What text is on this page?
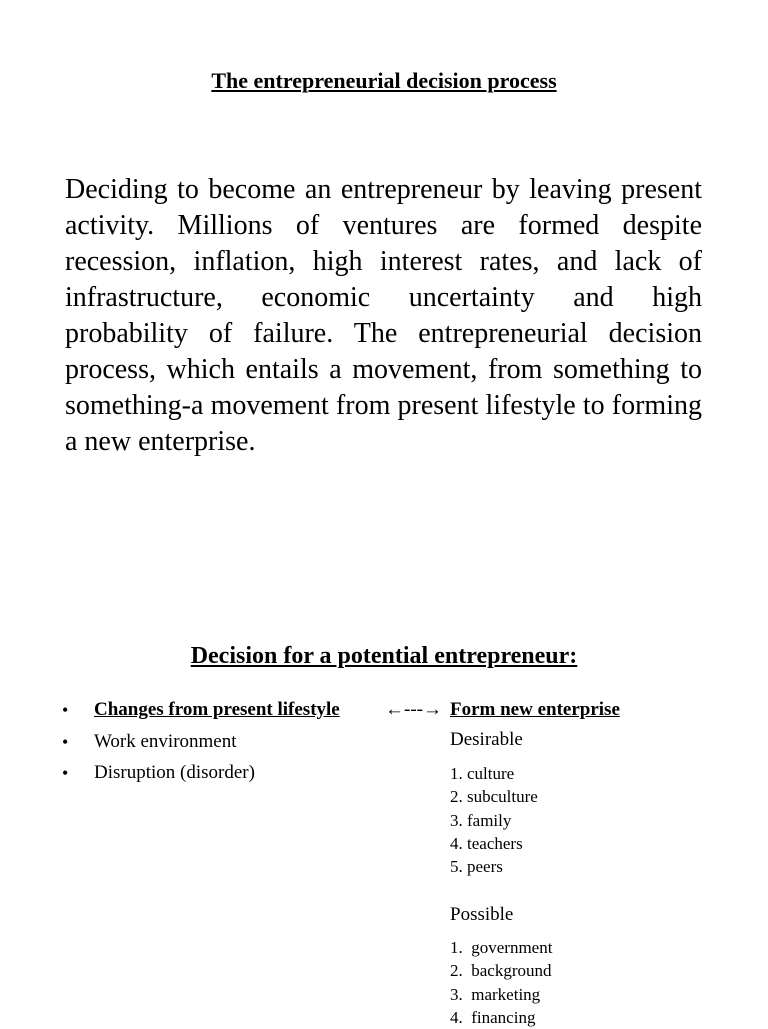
The entrepreneurial decision process

Deciding to become an entrepreneur by leaving present activity. Millions of ventures are formed despite recession, inflation, high interest rates, and lack of infrastructure, economic uncertainty and high probability of failure. The entrepreneurial decision process, which entails a movement, from something to something-a movement from present lifestyle to forming a new enterprise.

Decision for a potential entrepreneur:
• Changes from present lifestyle
• Work environment
• Disruption (disorder)
←---→ Form new enterprise
Desirable
1. culture
2. subculture
3. family
4. teachers
5. peers
Possible
1.  government
2.  background
3.  marketing
4.  financing
